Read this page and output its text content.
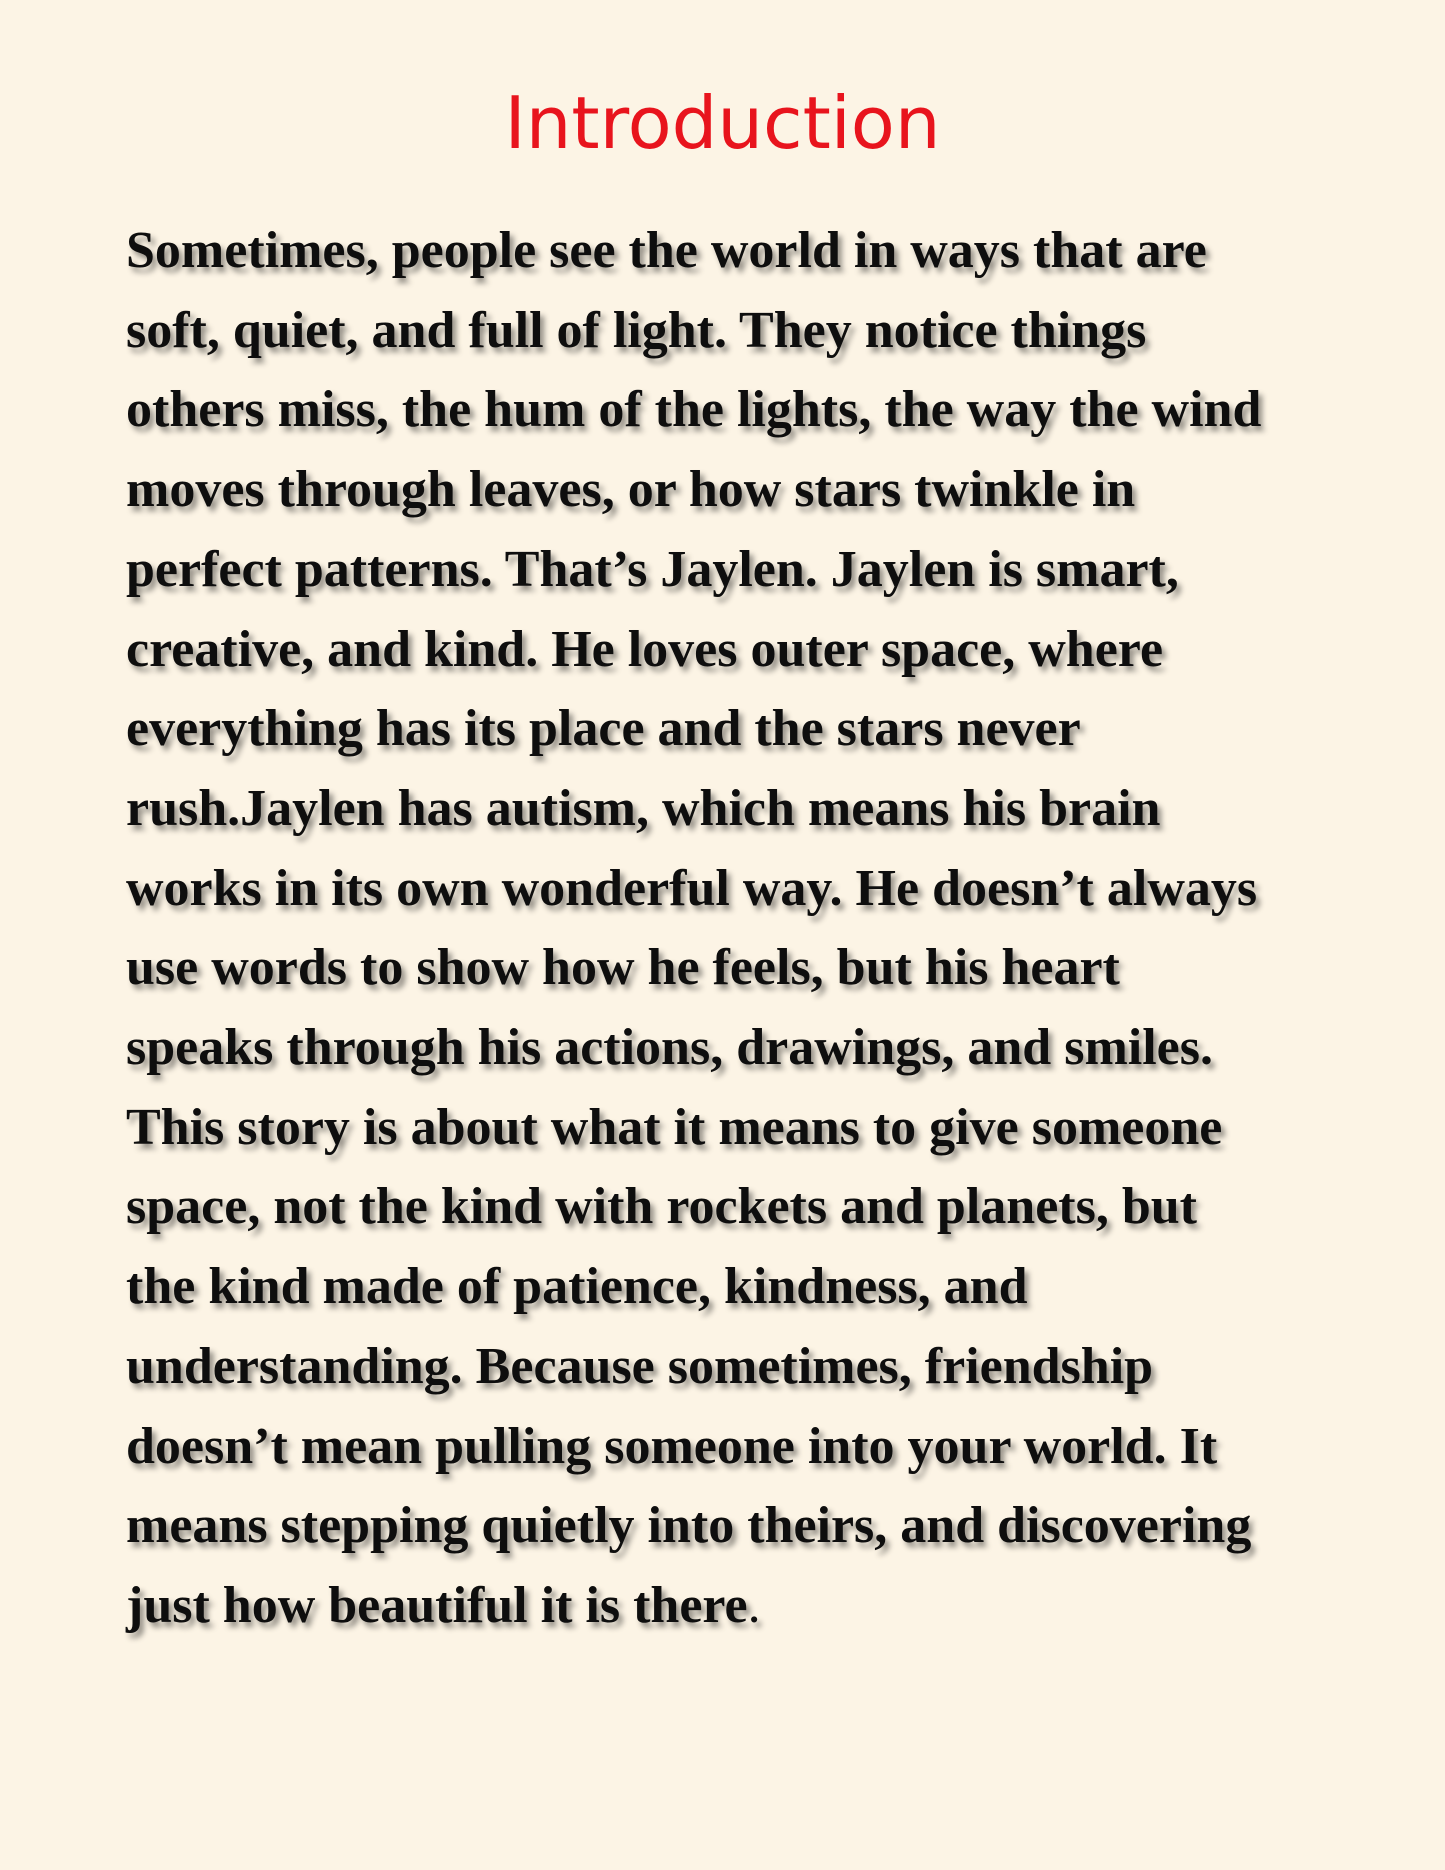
Introduction
Sometimes, people see the world in ways that are
soft, quiet, and full of light. They notice things
others miss, the hum of the lights, the way the wind
moves through leaves, or how stars twinkle in
perfect patterns. That’s Jaylen. Jaylen is smart,
creative, and kind. He loves outer space, where
everything has its place and the stars never
rush.Jaylen has autism, which means his brain
works in its own wonderful way. He doesn’t always
use words to show how he feels, but his heart
speaks through his actions, drawings, and smiles.
This story is about what it means to give someone
space, not the kind with rockets and planets, but
the kind made of patience, kindness, and
understanding. Because sometimes, friendship
doesn’t mean pulling someone into your world. It
means stepping quietly into theirs, and discovering
just how beautiful it is there.
